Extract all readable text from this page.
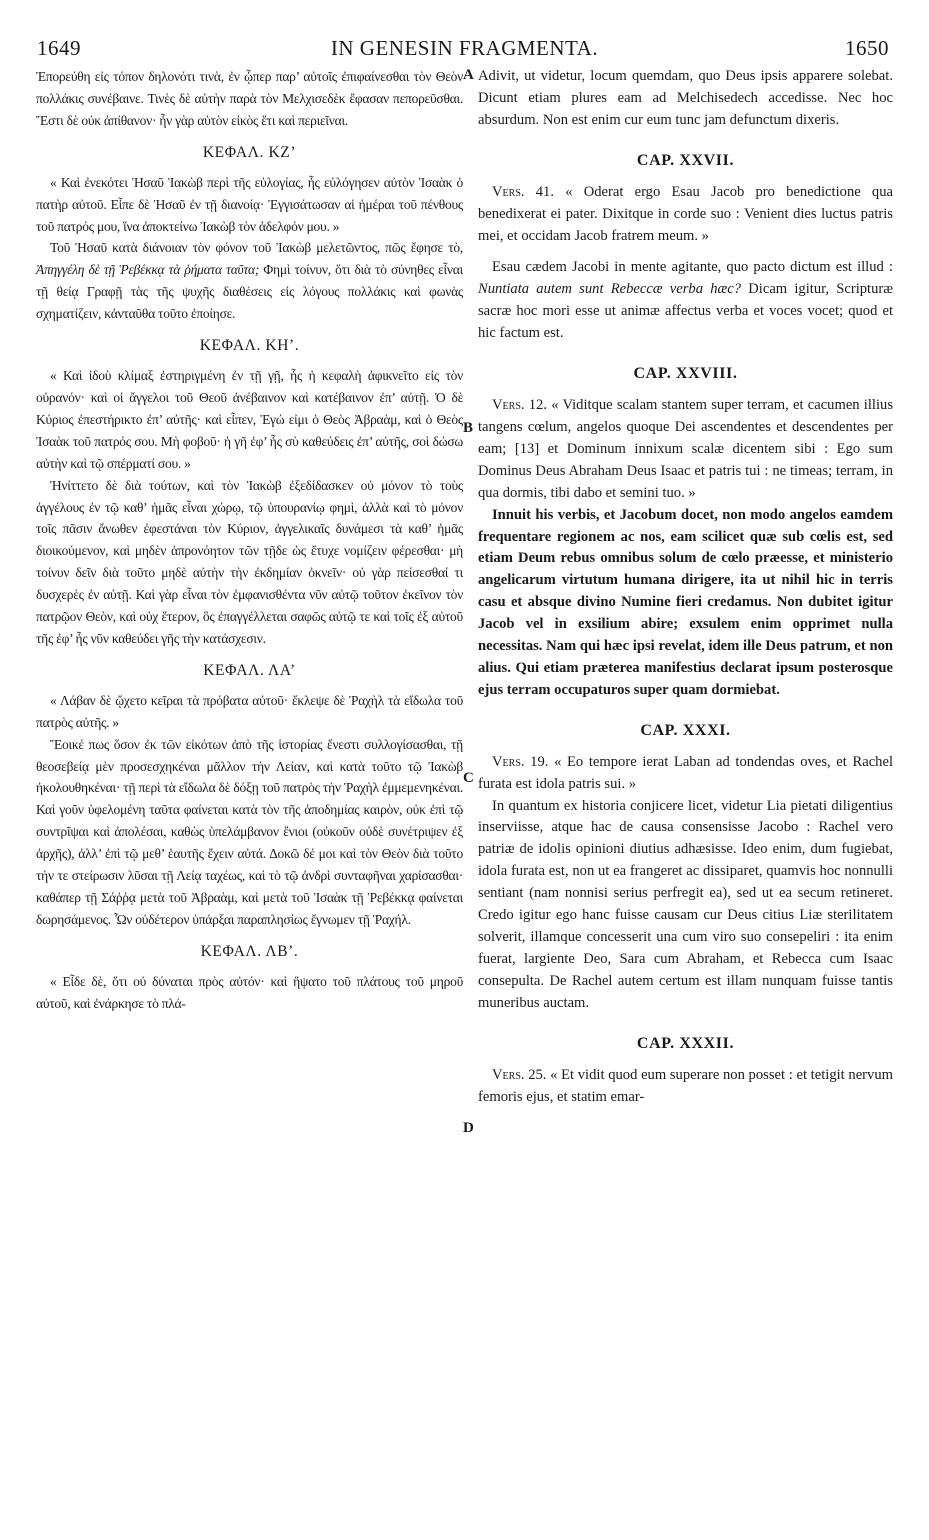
1649	IN GENESIN FRAGMENTA.	1650

Ἐπορεύθη εἰς τόπον δηλονότι τινὰ, ἐν ᾧπερ παρ’ αὐτοῖς ἐπιφαίνεσθαι τὸν Θεὸν πολλάκις συνέβαινε. Τινὲς δὲ αὐτὴν παρὰ τὸν Μελχισεδὲκ ἔφασαν πεπορεῦσθαι. Ἔστι δὲ οὐκ ἀπίθανον· ἦν γὰρ αὐτὸν εἰκὸς ἔτι καὶ περιεῖναι.

ΚΕΦΑΛ. ΚΖ’

« Καὶ ἐνεκότει Ἡσαῦ Ἰακὼβ περὶ τῆς εὐλογίας, ἧς εὐλόγησεν αὐτὸν Ἰσαὰκ ὁ πατὴρ αὐτοῦ. Εἶπε δὲ Ἡσαῦ ἐν τῇ διανοίᾳ· Ἐγγισάτωσαν αἱ ἡμέραι τοῦ πένθους τοῦ πατρός μου, ἵνα ἀποκτείνω Ἰακὼβ τὸν ἀδελφόν μου. »

Τοῦ Ἡσαῦ κατὰ διάνοιαν τὸν φόνον τοῦ Ἰακὼβ μελετῶντος, πῶς ἔφησε τὸ, Ἀπηγγέλη δὲ τῇ Ῥεβέκκᾳ τὰ ῥήματα ταῦτα; Φημὶ τοίνυν, ὅτι διὰ τὸ σύνηθες εἶναι τῇ θείᾳ Γραφῇ τὰς τῆς ψυχῆς διαθέσεις εἰς λόγους πολλάκις καὶ φωνὰς σχηματίζειν, κἀνταῦθα τοῦτο ἐποίησε.

ΚΕΦΑΛ. ΚΗ’.

« Καὶ ἰδοὺ κλίμαξ ἐστηριγμένη ἐν τῇ γῇ, ἧς ἡ κεφαλὴ ἀφικνεῖτο εἰς τὸν οὐρανόν· καὶ οἱ ἄγγελοι τοῦ Θεοῦ ἀνέβαινον καὶ κατέβαινον ἐπ’ αὐτῇ. Ὁ δὲ Κύριος ἐπεστήρικτο ἐπ’ αὐτῆς· καὶ εἶπεν, Ἐγώ εἰμι ὁ Θεὸς Ἀβραὰμ, καὶ ὁ Θεὸς Ἰσαὰκ τοῦ πατρός σου. Μὴ φοβοῦ· ἡ γῆ ἐφ’ ἧς σὺ καθεύδεις ἐπ’ αὐτῆς, σοὶ δώσω αὐτὴν καὶ τῷ σπέρματί σου. »

Ἠνίττετο δὲ διὰ τούτων, καὶ τὸν Ἰακὼβ ἐξεδίδασκεν οὐ μόνον τὸ τοὺς ἀγγέλους ἐν τῷ καθ’ ἡμᾶς εἶναι χώρῳ, τῷ ὑπουρανίῳ φημὶ, ἀλλὰ καὶ τὸ μόνον τοῖς πᾶσιν ἄνωθεν ἐφεστάναι τὸν Κύριον, ἀγγελικαῖς δυνάμεσι τὰ καθ’ ἡμᾶς διοικούμενον, καὶ μηδὲν ἀπρονόητον τῶν τῇδε ὡς ἔτυχε νομίζειν φέρεσθαι· μὴ τοίνυν δεῖν διὰ τοῦτο μηδὲ αὐτὴν τὴν ἐκδημίαν ὀκνεῖν· οὐ γὰρ πείσεσθαί τι δυσχερὲς ἐν αὐτῇ. Καὶ γὰρ εἶναι τὸν ἐμφανισθέντα νῦν αὐτῷ τοῦτον ἐκεῖνον τὸν πατρῷον Θεὸν, καὶ οὐχ ἕτερον, ὃς ἐπαγγέλλεται σαφῶς αὐτῷ τε καὶ τοῖς ἐξ αὐτοῦ τῆς ἐφ’ ἧς νῦν καθεύδει γῆς τὴν κατάσχεσιν.

ΚΕΦΑΛ. ΛΑ’

« Λάβαν δὲ ᾤχετο κεῖραι τὰ πρόβατα αὐτοῦ· ἔκλεψε δὲ Ῥαχὴλ τὰ εἴδωλα τοῦ πατρὸς αὐτῆς. »

Ἔοικέ πως ὅσον ἐκ τῶν εἰκότων ἀπὸ τῆς ἱστορίας ἔνεστι συλλογίσασθαι, τῇ θεοσεβείᾳ μὲν προσεσχηκέναι μᾶλλον τὴν Λείαν, καὶ κατὰ τοῦτο τῷ Ἰακὼβ ἠκολουθηκέναι· τῇ περὶ τὰ εἴδωλα δὲ δόξῃ τοῦ πατρὸς τὴν Ῥαχὴλ ἐμμεμενηκέναι. Καὶ γοῦν ὑφελομένη ταῦτα φαίνεται κατὰ τὸν τῆς ἀποδημίας καιρὸν, οὐκ ἐπὶ τῷ συντρῖψαι καὶ ἀπολέσαι, καθὼς ὑπελάμβανον ἔνιοι (οὐκοῦν οὐδὲ συνέτριψεν ἐξ ἀρχῆς), ἀλλ’ ἐπὶ τῷ μεθ’ ἑαυτῆς ἔχειν αὐτά. Δοκῶ δέ μοι καὶ τὸν Θεὸν διὰ τοῦτο τήν τε στείρωσιν λῦσαι τῇ Λείᾳ ταχέως, καὶ τὸ τῷ ἀνδρὶ συνταφῆναι χαρίσασθαι· καθάπερ τῇ Σάῤῥᾳ μετὰ τοῦ Ἀβραὰμ, καὶ μετὰ τοῦ Ἰσαὰκ τῇ Ῥεβέκκᾳ φαίνεται δωρησάμενος. Ὧν οὐδέτερον ὑπάρξαι παραπλησίως ἔγνωμεν τῇ Ῥαχήλ.

ΚΕΦΑΛ. ΛΒ’.

« Εἶδε δὲ, ὅτι οὐ δύναται πρὸς αὐτόν· καὶ ἥψατο τοῦ πλάτους τοῦ μηροῦ αὐτοῦ, καὶ ἐνάρκησε τὸ πλά-

A
B
C
D

Adivit, ut videtur, locum quemdam, quo Deus ipsis apparere solebat. Dicunt etiam plures eam ad Melchisedech accedisse. Nec hoc absurdum. Non est enim cur eum tunc jam defunctum dixeris.

CAP. XXVII.

Vers. 41. « Oderat ergo Esau Jacob pro benedictione qua benedixerat ei pater. Dixitque in corde suo : Venient dies luctus patris mei, et occidam Jacob fratrem meum. »

Esau cædem Jacobi in mente agitante, quo pacto dictum est illud : Nuntiata autem sunt Rebeccæ verba hæc? Dicam igitur, Scripturæ sacræ hoc mori esse ut animæ affectus verba et voces vocet; quod et hic factum est.

CAP. XXVIII.

Vers. 12. « Viditque scalam stantem super terram, et cacumen illius tangens cœlum, angelos quoque Dei ascendentes et descendentes per eam; [13] et Dominum innixum scalæ dicentem sibi : Ego sum Dominus Deus Abraham Deus Isaac et patris tui : ne timeas; terram, in qua dormis, tibi dabo et semini tuo. »

Innuit his verbis, et Jacobum docet, non modo angelos eamdem frequentare regionem ac nos, eam scilicet quæ sub cœlis est, sed etiam Deum rebus omnibus solum de cœlo præesse, et ministerio angelicarum virtutum humana dirigere, ita ut nihil hic in terris casu et absque divino Numine fieri credamus. Non dubitet igitur Jacob vel in exsilium abire; exsulem enim opprimet nulla necessitas. Nam qui hæc ipsi revelat, idem ille Deus patrum, et non alius. Qui etiam præterea manifestius declarat ipsum posterosque ejus terram occupaturos super quam dormiebat.

CAP. XXXI.

Vers. 19. « Eo tempore ierat Laban ad tondendas oves, et Rachel furata est idola patris sui. »

In quantum ex historia conjicere licet, videtur Lia pietati diligentius inserviisse, atque hac de causa consensisse Jacobo : Rachel vero patriæ de idolis opinioni diutius adhæsisse. Ideo enim, dum fugiebat, idola furata est, non ut ea frangeret ac dissiparet, quamvis hoc nonnulli sentiant (nam nonnisi serius perfregit ea), sed ut ea secum retineret. Credo igitur ego hanc fuisse causam cur Deus citius Liæ sterilitatem solverit, illamque concesserit una cum viro suo consepeliri : ita enim fuerat, largiente Deo, Sara cum Abraham, et Rebecca cum Isaac consepulta. De Rachel autem certum est illam nunquam fuisse tantis muneribus auctam.

CAP. XXXII.

Vers. 25. « Et vidit quod eum superare non posset : et tetigit nervum femoris ejus, et statim emar-
